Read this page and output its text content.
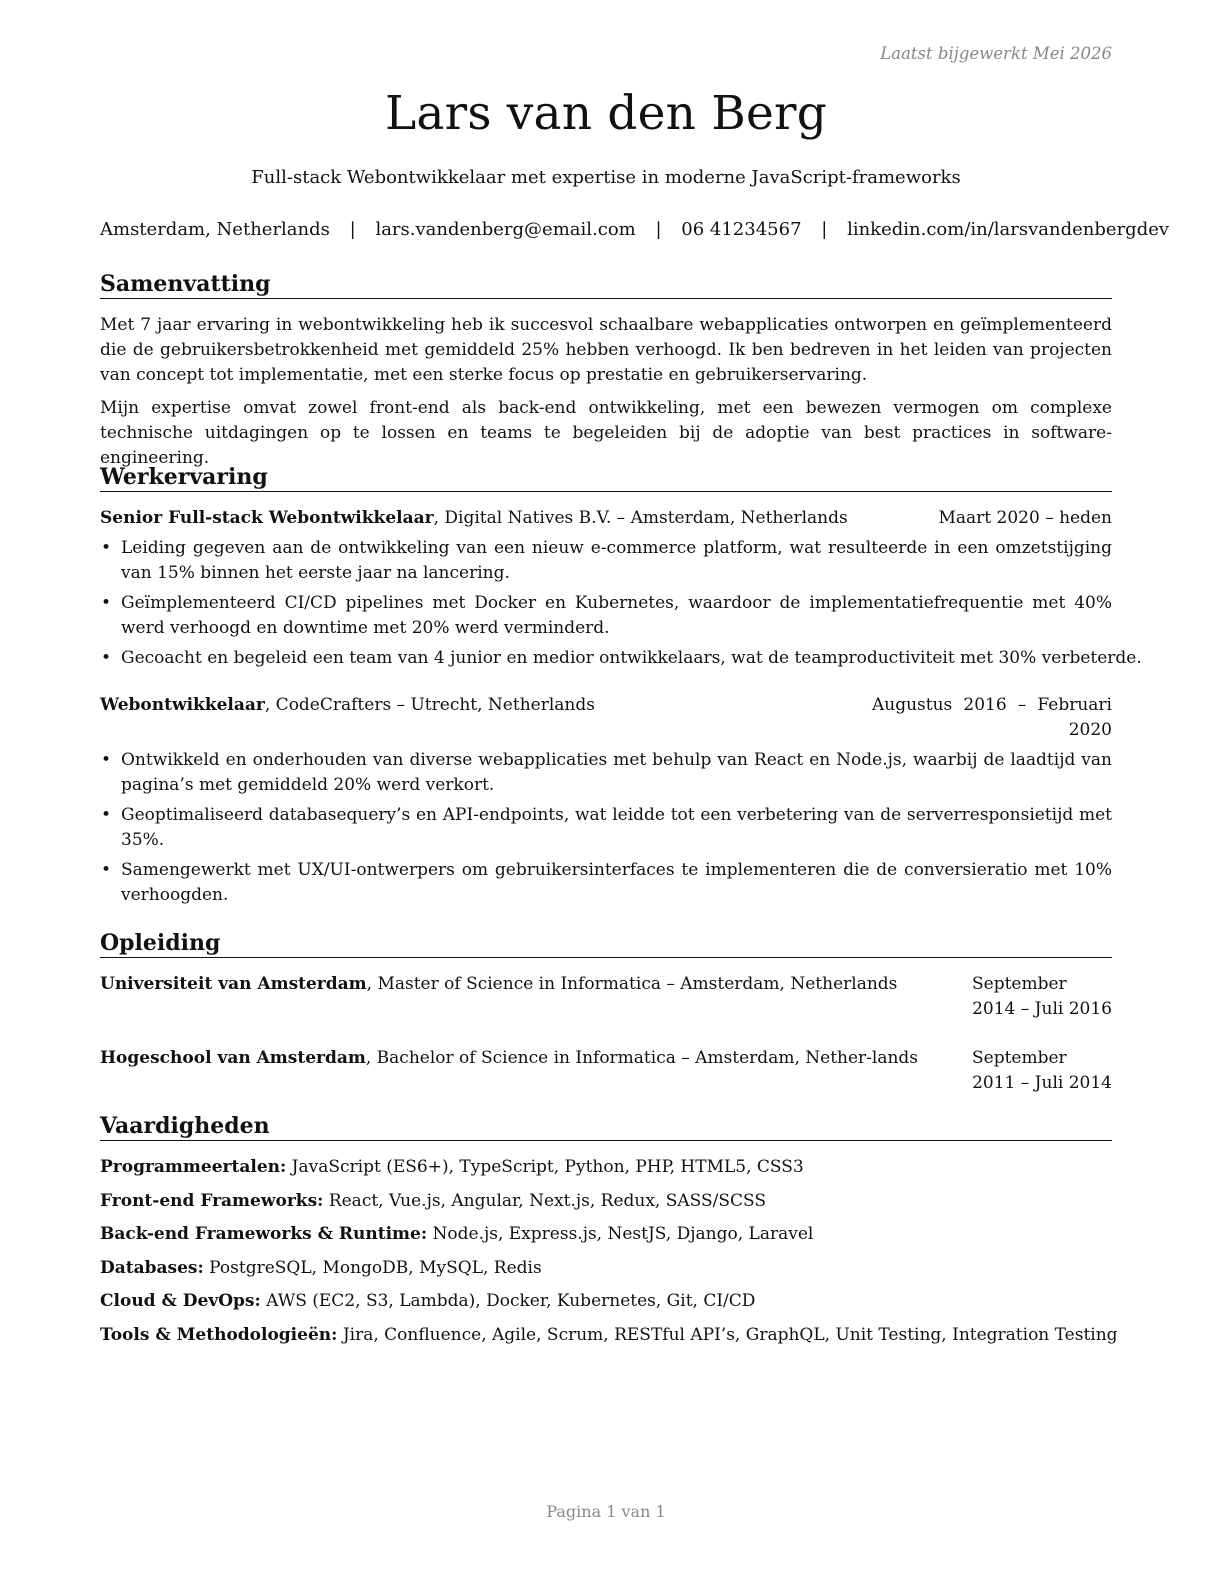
Laatst bijgewerkt Mei 2026
Lars van den Berg
Full-stack Webontwikkelaar met expertise in moderne JavaScript-frameworks
Amsterdam, Netherlands | lars.vandenberg@email.com | 06 41234567 | linkedin.com/in/larsvandenbergdev
Samenvatting

Met 7 jaar ervaring in webontwikkeling heb ik succesvol schaalbare webapplicaties ontworpen en geïmplementeerd die de gebruikersbetrokkenheid met gemiddeld 25% hebben verhoogd. Ik ben bedreven in het leiden van projecten van concept tot implementatie, met een sterke focus op prestatie en gebruikerservaring.

Mijn expertise omvat zowel front-end als back-end ontwikkeling, met een bewezen vermogen om complexe technische uitdagingen op te lossen en teams te begeleiden bij de adoptie van best practices in software-engineering.

Werkervaring
Senior Full-stack Webontwikkelaar, Digital Natives B.V. – Amsterdam, Netherlands	Maart 2020 – heden
• Leiding gegeven aan de ontwikkeling van een nieuw e-commerce platform, wat resulteerde in een omzetstijging van 15% binnen het eerste jaar na lancering.
• Geïmplementeerd CI/CD pipelines met Docker en Kubernetes, waardoor de implementatiefrequentie met 40% werd verhoogd en downtime met 20% werd verminderd.
• Gecoacht en begeleid een team van 4 junior en medior ontwikkelaars, wat de teamproductiviteit met 30% verbeterde.
Webontwikkelaar, CodeCrafters – Utrecht, Netherlands	Augustus 2016 – Februari 2020
• Ontwikkeld en onderhouden van diverse webapplicaties met behulp van React en Node.js, waarbij de laadtijd van pagina’s met gemiddeld 20% werd verkort.
• Geoptimaliseerd databasequery’s en API-endpoints, wat leidde tot een verbetering van de serverresponsietijd met 35%.
• Samengewerkt met UX/UI-ontwerpers om gebruikersinterfaces te implementeren die de conversieratio met 10% verhoogden.
Opleiding
Universiteit van Amsterdam, Master of Science in Informatica – Amsterdam, Netherlands	September 2014 – Juli 2016
Hogeschool van Amsterdam, Bachelor of Science in Informatica – Amsterdam, Nether-lands	September 2011 – Juli 2014
Vaardigheden
Programmeertalen: JavaScript (ES6+), TypeScript, Python, PHP, HTML5, CSS3
Front-end Frameworks: React, Vue.js, Angular, Next.js, Redux, SASS/SCSS
Back-end Frameworks & Runtime: Node.js, Express.js, NestJS, Django, Laravel
Databases: PostgreSQL, MongoDB, MySQL, Redis
Cloud & DevOps: AWS (EC2, S3, Lambda), Docker, Kubernetes, Git, CI/CD
Tools & Methodologieën: Jira, Confluence, Agile, Scrum, RESTful API’s, GraphQL, Unit Testing, Integration Testing
Pagina 1 van 1
